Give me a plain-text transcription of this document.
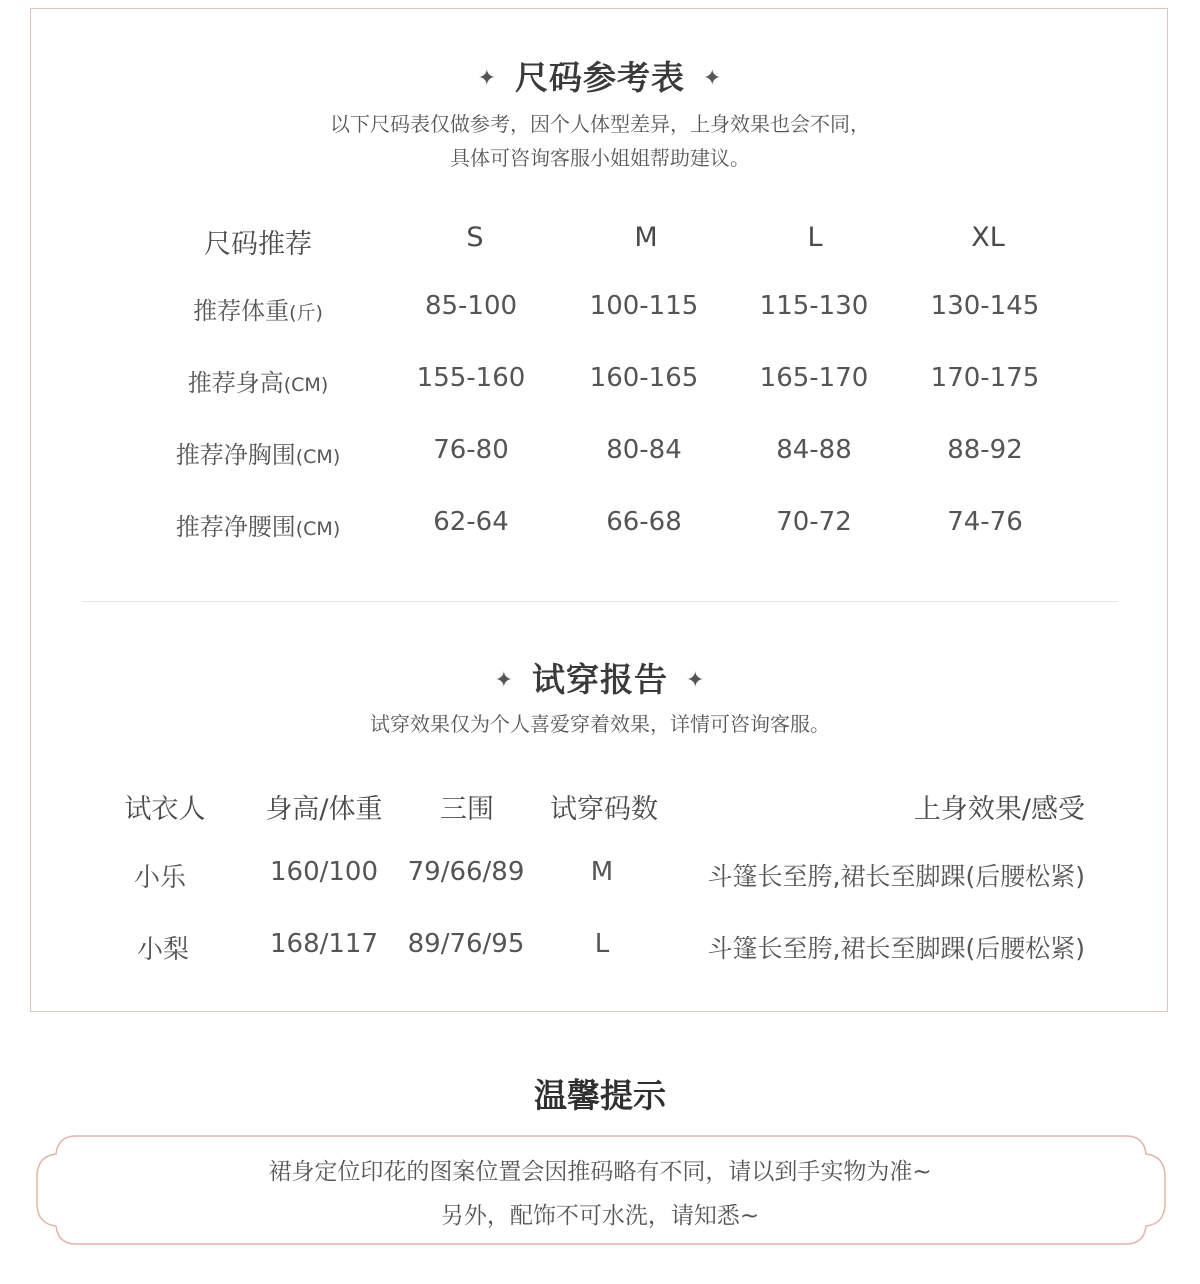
✦ 尺码参考表 ✦
以下尺码表仅做参考，因个人体型差异，上身效果也会不同，
具体可咨询客服小姐姐帮助建议。
尺码推荐	S	M	L	XL
推荐体重(斤)	85-100	100-115	115-130	130-145
推荐身高(CM)	155-160	160-165	165-170	170-175
推荐净胸围(CM)	76-80	80-84	84-88	88-92
推荐净腰围(CM)	62-64	66-68	70-72	74-76
✦ 试穿报告 ✦
试穿效果仅为个人喜爱穿着效果，详情可咨询客服。
试衣人	身高/体重	三围	试穿码数	上身效果/感受
小乐	160/100	79/66/89	M	斗篷长至胯,裙长至脚踝(后腰松紧)
小梨	168/117	89/76/95	L	斗篷长至胯,裙长至脚踝(后腰松紧)
温馨提示
裙身定位印花的图案位置会因推码略有不同，请以到手实物为准~
另外，配饰不可水洗，请知悉~
